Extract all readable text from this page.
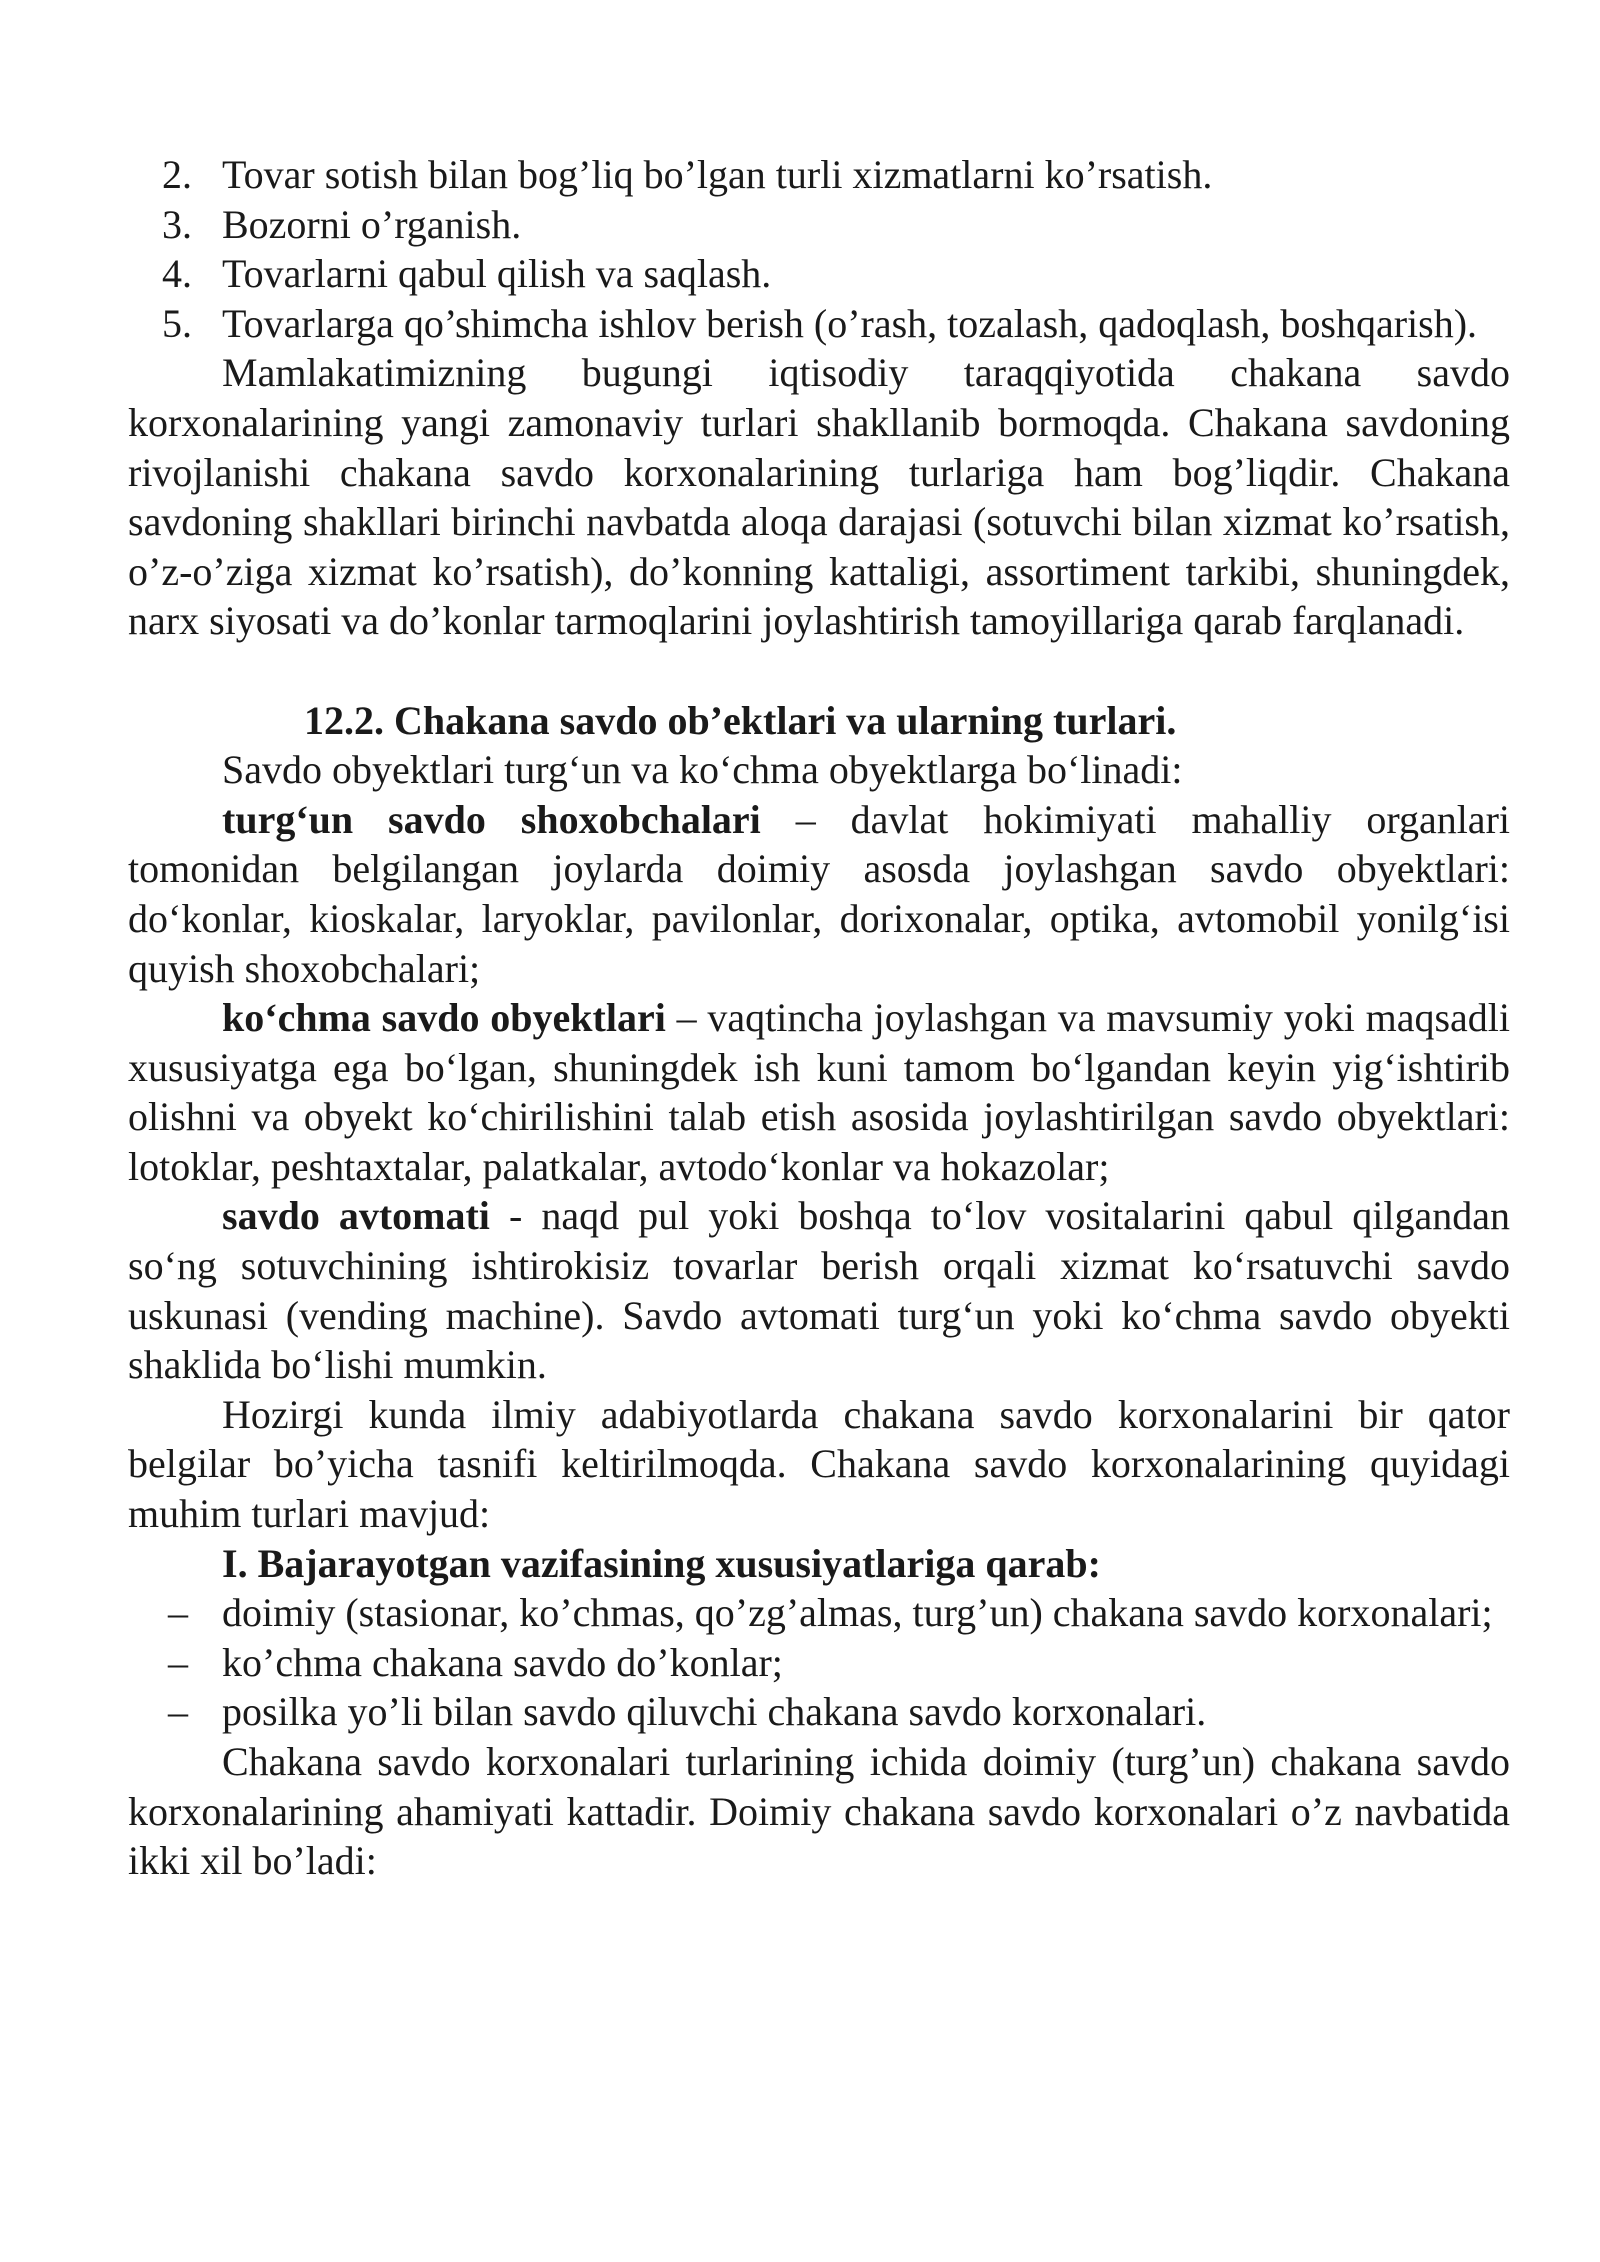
2. Tovar sotish bilan bog’liq bo’lgan turli xizmatlarni ko’rsatish.
3. Bozorni o’rganish.
4. Tovarlarni qabul qilish va saqlash.
5. Tovarlarga qo’shimcha ishlov berish (o’rash, tozalash, qadoqlash, boshqarish).

Mamlakatimizning bugungi iqtisodiy taraqqiyotida chakana savdo korxonalarining yangi zamonaviy turlari shakllanib bormoqda. Chakana savdoning rivojlanishi chakana savdo korxonalarining turlariga ham bog’liqdir. Chakana savdoning shakllari birinchi navbatda aloqa darajasi (sotuvchi bilan xizmat ko’rsatish, o’z-o’ziga xizmat ko’rsatish), do’konning kattaligi, assortiment tarkibi, shuningdek, narx siyosati va do’konlar tarmoqlarini joylashtirish tamoyillariga qarab farqlanadi.

12.2. Chakana savdo ob’ektlari va ularning turlari.

Savdo obyektlari turg‘un va ko‘chma obyektlarga bo‘linadi:

turg‘un savdo shoxobchalari – davlat hokimiyati mahalliy organlari tomonidan belgilangan joylarda doimiy asosda joylashgan savdo obyektlari: do‘konlar, kioskalar, laryoklar, pavilonlar, dorixonalar, optika, avtomobil yonilg‘isi quyish shoxobchalari;

ko‘chma savdo obyektlari – vaqtincha joylashgan va mavsumiy yoki maqsadli xususiyatga ega bo‘lgan, shuningdek ish kuni tamom bo‘lgandan keyin yig‘ishtirib olishni va obyekt ko‘chirilishini talab etish asosida joylashtirilgan savdo obyektlari: lotoklar, peshtaxtalar, palatkalar, avtodo‘konlar va hokazolar;

savdo avtomati - naqd pul yoki boshqa to‘lov vositalarini qabul qilgandan so‘ng sotuvchining ishtirokisiz tovarlar berish orqali xizmat ko‘rsatuvchi savdo uskunasi (vending machine). Savdo avtomati turg‘un yoki ko‘chma savdo obyekti shaklida bo‘lishi mumkin.

Hozirgi kunda ilmiy adabiyotlarda chakana savdo korxonalarini bir qator belgilar bo’yicha tasnifi keltirilmoqda. Chakana savdo korxonalarining quyidagi muhim turlari mavjud:

I. Bajarayotgan vazifasining xususiyatlariga qarab:
– doimiy (stasionar, ko’chmas, qo’zg’almas, turg’un) chakana savdo korxonalari;
– ko’chma chakana savdo do’konlar;
– posilka yo’li bilan savdo qiluvchi chakana savdo korxonalari.

Chakana savdo korxonalari turlarining ichida doimiy (turg’un) chakana savdo korxonalarining ahamiyati kattadir. Doimiy chakana savdo korxonalari o’z navbatida ikki xil bo’ladi:
